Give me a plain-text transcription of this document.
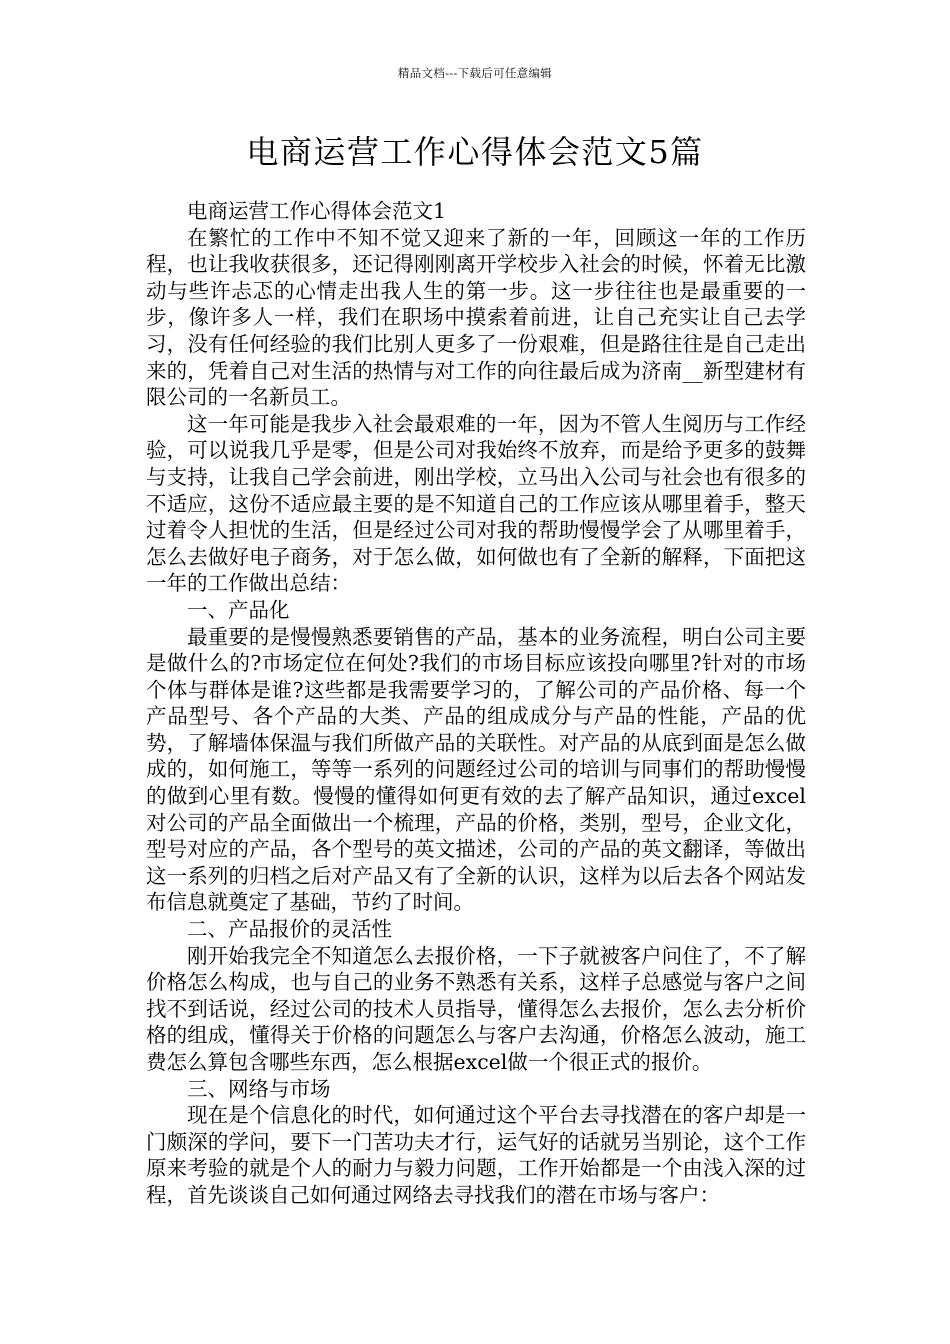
精品文档---下载后可任意编辑
电商运营工作心得体会范文5篇

电商运营工作心得体会范文1

在繁忙的工作中不知不觉又迎来了新的一年，回顾这一年的工作历程，也让我收获很多，还记得刚刚离开学校步入社会的时候，怀着无比激动与些许忐忑的心情走出我人生的第一步。这一步往往也是最重要的一步，像许多人一样，我们在职场中摸索着前进，让自己充实让自己去学习，没有任何经验的我们比别人更多了一份艰难，但是路往往是自己走出来的，凭着自己对生活的热情与对工作的向往最后成为济南__新型建材有限公司的一名新员工。

这一年可能是我步入社会最艰难的一年，因为不管人生阅历与工作经验，可以说我几乎是零，但是公司对我始终不放弃，而是给予更多的鼓舞与支持，让我自己学会前进，刚出学校，立马出入公司与社会也有很多的不适应，这份不适应最主要的是不知道自己的工作应该从哪里着手，整天过着令人担忧的生活，但是经过公司对我的帮助慢慢学会了从哪里着手，怎么去做好电子商务，对于怎么做，如何做也有了全新的解释，下面把这一年的工作做出总结：

一、产品化

最重要的是慢慢熟悉要销售的产品，基本的业务流程，明白公司主要是做什么的?市场定位在何处?我们的市场目标应该投向哪里?针对的市场个体与群体是谁?这些都是我需要学习的，了解公司的产品价格、每一个产品型号、各个产品的大类、产品的组成成分与产品的性能，产品的优势，了解墙体保温与我们所做产品的关联性。对产品的从底到面是怎么做成的，如何施工，等等一系列的问题经过公司的培训与同事们的帮助慢慢的做到心里有数。慢慢的懂得如何更有效的去了解产品知识，通过excel对公司的产品全面做出一个梳理，产品的价格，类别，型号，企业文化，型号对应的产品，各个型号的英文描述，公司的产品的英文翻译，等做出这一系列的归档之后对产品又有了全新的认识，这样为以后去各个网站发布信息就奠定了基础，节约了时间。

二、产品报价的灵活性

刚开始我完全不知道怎么去报价格，一下子就被客户问住了，不了解价格怎么构成，也与自己的业务不熟悉有关系，这样子总感觉与客户之间找不到话说，经过公司的技术人员指导，懂得怎么去报价，怎么去分析价格的组成，懂得关于价格的问题怎么与客户去沟通，价格怎么波动，施工费怎么算包含哪些东西，怎么根据excel做一个很正式的报价。

三、网络与市场

现在是个信息化的时代，如何通过这个平台去寻找潜在的客户却是一门颇深的学问，要下一门苦功夫才行，运气好的话就另当别论，这个工作原来考验的就是个人的耐力与毅力问题，工作开始都是一个由浅入深的过程，首先谈谈自己如何通过网络去寻找我们的潜在市场与客户：
